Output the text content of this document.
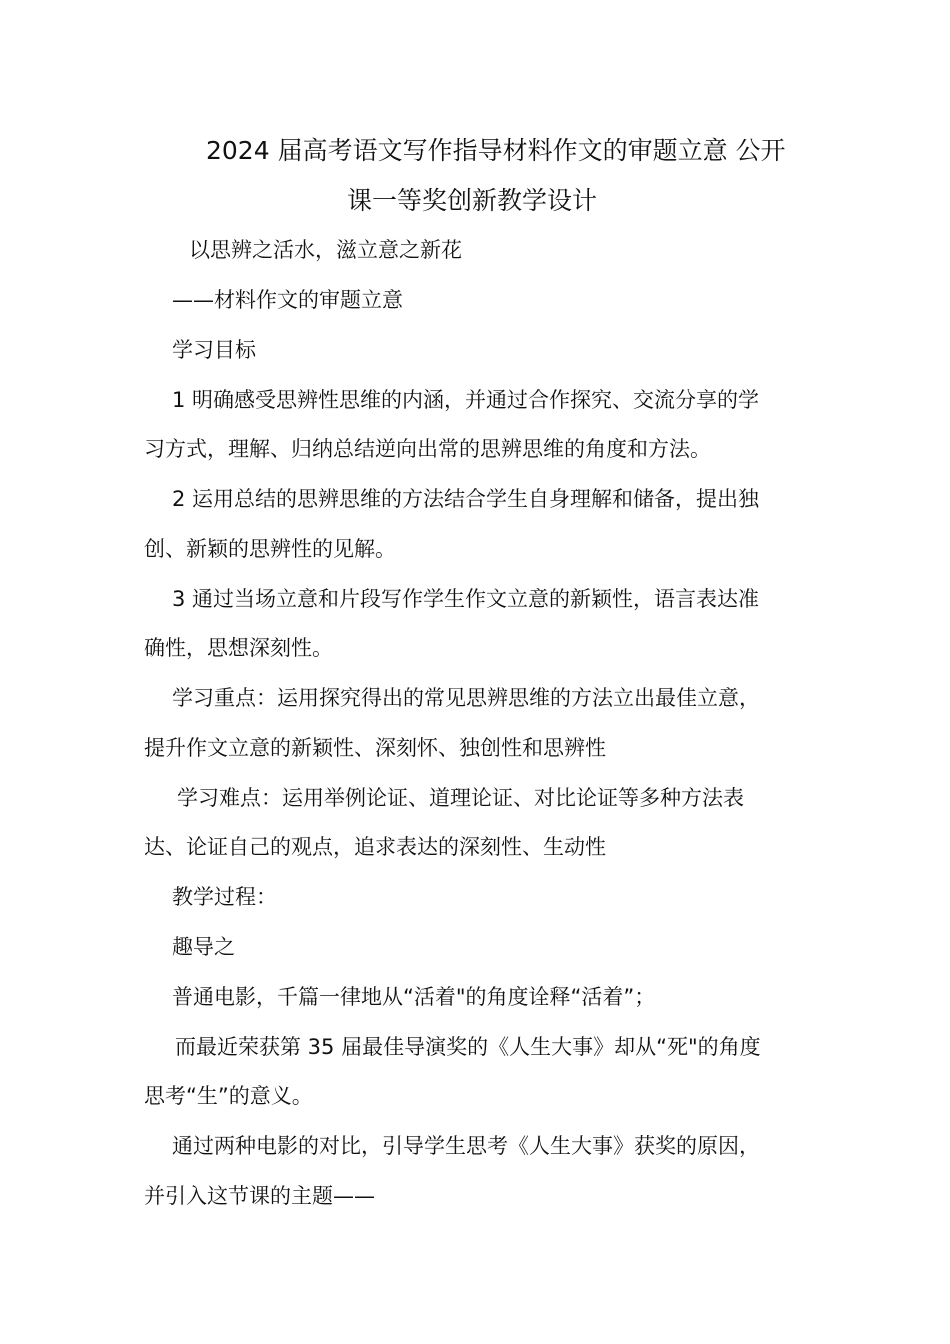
2024 届高考语文写作指导材料作文的审题立意 公开
课一等奖创新教学设计
以思辨之活水，滋立意之新花
——材料作文的审题立意
学习目标
1 明确感受思辨性思维的内涵，并通过合作探究、交流分享的学
习方式，理解、归纳总结逆向出常的思辨思维的角度和方法。
2 运用总结的思辨思维的方法结合学生自身理解和储备，提出独
创、新颖的思辨性的见解。
3 通过当场立意和片段写作学生作文立意的新颖性，语言表达准
确性，思想深刻性。
学习重点：运用探究得出的常见思辨思维的方法立出最佳立意，
提升作文立意的新颖性、深刻怀、独创性和思辨性
学习难点：运用举例论证、道理论证、对比论证等多种方法表
达、论证自己的观点，追求表达的深刻性、生动性
教学过程：
趣导之
普通电影，千篇一律地从“活着"的角度诠释“活着”；
而最近荣获第 35 届最佳导演奖的《人生大事》却从“死"的角度
思考“生”的意义。
通过两种电影的对比，引导学生思考《人生大事》获奖的原因，
并引入这节课的主题——
